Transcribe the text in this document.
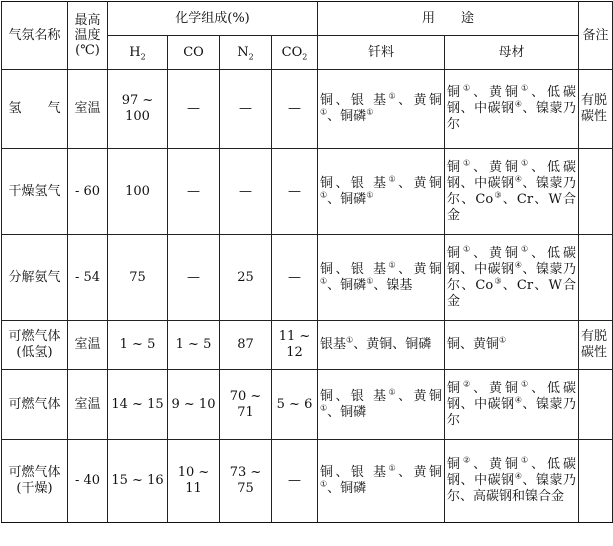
气氛名称	最高
温度
(℃)	化学组成(%)				用　　途		备注
		$H_2$	CO	$N_2$	$CO_2$	钎料	母材	
氢　　气	室温	97 ~ 100	—	—	—	铜、银 基①、黄铜①、铜磷①	铜①、黄铜①、低碳钢、中碳钢④、镍蒙乃尔	有脱
碳性
干燥氢气	- 60	100	—	—	—	铜、银 基①、黄铜①、铜磷①	铜①、黄铜①、低碳钢、中碳钢④、镍蒙乃尔、Co③、Cr、W合金	
分解氨气	- 54	75	—	25	—	铜、银 基①、黄铜①、铜磷①、镍基	铜①、黄铜①、低碳钢、中碳钢④、镍蒙乃尔、Co③、Cr、W合金	
可燃气体
(低氢)	室温	1 ~ 5	1 ~ 5	87	11 ~ 12	银基①、黄铜、铜磷	铜、黄铜①	有脱
碳性
可燃气体	室温	14 ~ 15	9 ~ 10	70 ~ 71	5 ~ 6	铜、银 基①、黄铜①、铜磷	铜②、黄铜①、低碳钢、中碳钢④、镍蒙乃尔	
可燃气体
(干燥)	- 40	15 ~ 16	10 ~ 11	73 ~ 75	—	铜、银 基①、黄铜①、铜磷	铜②、黄铜①、低碳钢、中碳钢④、镍蒙乃尔、高碳钢和镍合金	
